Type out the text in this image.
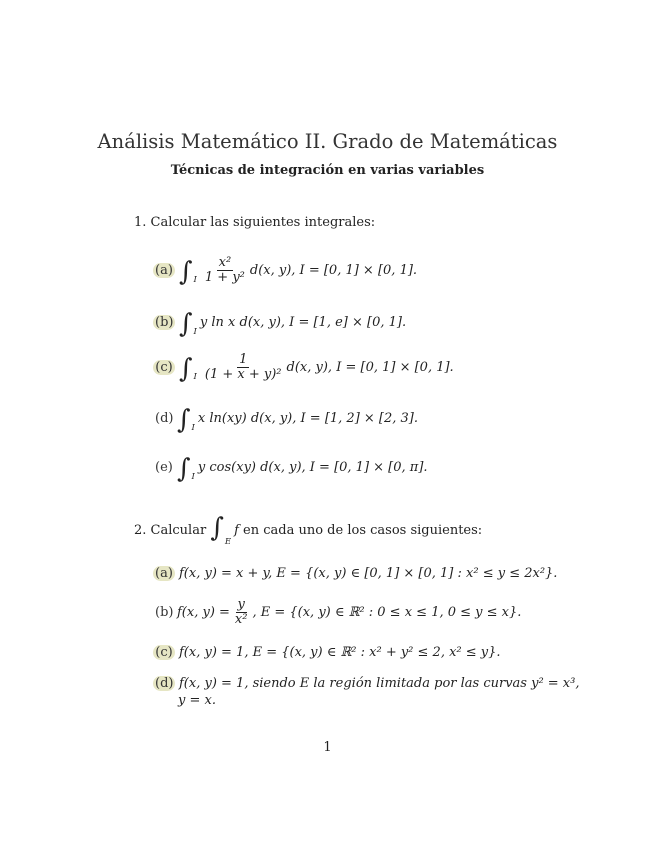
Análisis Matemático II. Grado de Matemáticas
Técnicas de integración en varias variables
1. Calcular las siguientes integrales:
(a) ∫ I $\frac{\text{x²}}{\text{1 + y²}} d(x$, y), I = [0, 1] × [0, 1].
(b) ∫ I
y ln x d(x, y), I = [1, e] × [0, 1].
(c) ∫ I $\frac{1}{\text{(1 + x + y)²}} d(x$, y), I = [0, 1] × [0, 1].
(d) ∫ I
x ln(xy) d(x, y), I = [1, 2] × [2, 3].
(e) ∫ I
y cos(xy) d(x, y), I = [0, 1] × [0, π].
2. Calcular $\int_Ef$ en cada uno de los casos siguientes:
(a) f(x, y) = x + y, E = {(x, y) ∈ [0, 1] × [0, 1] : x² ≤ y ≤ 2x²}.
(b) f(x, $y) = \frac{y}{\text{x²}}$ , E = {(x, y) ∈ ℝ² : 0 ≤ x ≤ 1, 0 ≤ y ≤ x}.
(c) f(x, y) = 1, E = {(x, y) ∈ ℝ² : x² + y² ≤ 2, x² ≤ y}.
(d) f(x, y) = 1, siendo E la región limitada por las curvas y² = x³,
y = x.
1
